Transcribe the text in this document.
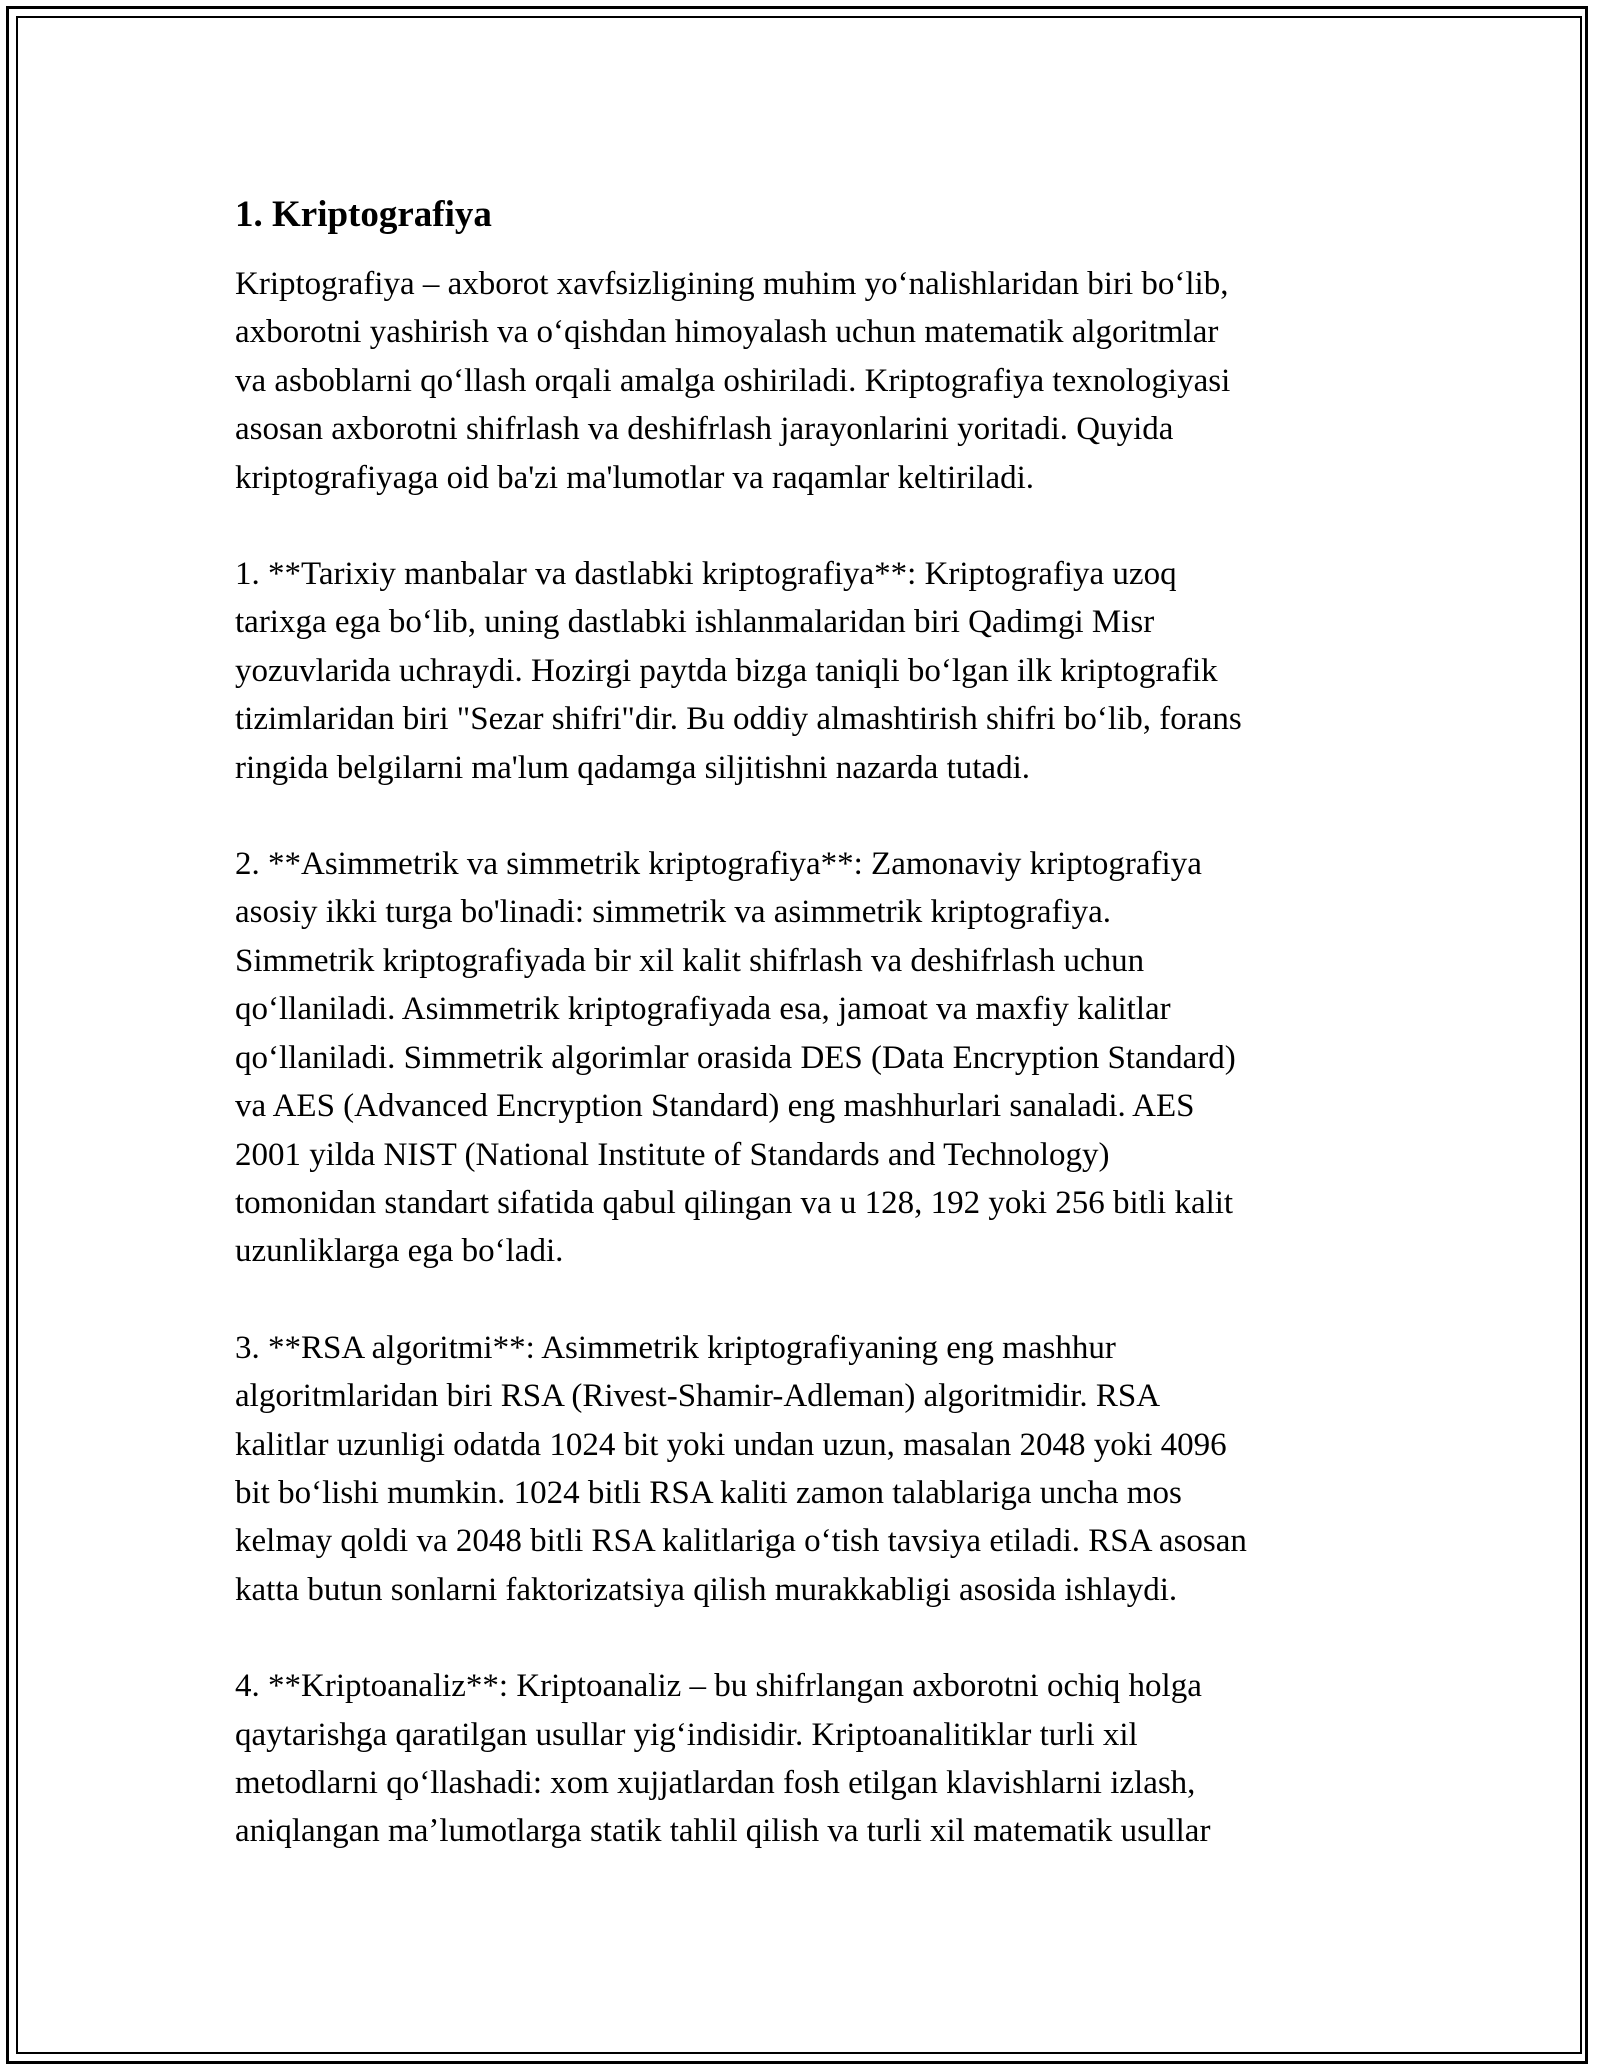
1. Kriptografiya
Kriptografiya – axborot xavfsizligining muhim yoʻnalishlaridan biri boʻlib,
axborotni yashirish va oʻqishdan himoyalash uchun matematik algoritmlar
va asboblarni qoʻllash orqali amalga oshiriladi. Kriptografiya texnologiyasi
asosan axborotni shifrlash va deshifrlash jarayonlarini yoritadi. Quyida
kriptografiyaga oid ba'zi ma'lumotlar va raqamlar keltiriladi.
1. **Tarixiy manbalar va dastlabki kriptografiya**: Kriptografiya uzoq
tarixga ega boʻlib, uning dastlabki ishlanmalaridan biri Qadimgi Misr
yozuvlarida uchraydi. Hozirgi paytda bizga taniqli boʻlgan ilk kriptografik
tizimlaridan biri "Sezar shifri"dir. Bu oddiy almashtirish shifri boʻlib, forans
ringida belgilarni ma'lum qadamga siljitishni nazarda tutadi.
2. **Asimmetrik va simmetrik kriptografiya**: Zamonaviy kriptografiya
asosiy ikki turga bo'linadi: simmetrik va asimmetrik kriptografiya.
Simmetrik kriptografiyada bir xil kalit shifrlash va deshifrlash uchun
qoʻllaniladi. Asimmetrik kriptografiyada esa, jamoat va maxfiy kalitlar
qoʻllaniladi. Simmetrik algorimlar orasida DES (Data Encryption Standard)
va AES (Advanced Encryption Standard) eng mashhurlari sanaladi. AES
2001 yilda NIST (National Institute of Standards and Technology)
tomonidan standart sifatida qabul qilingan va u 128, 192 yoki 256 bitli kalit
uzunliklarga ega boʻladi.
3. **RSA algoritmi**: Asimmetrik kriptografiyaning eng mashhur
algoritmlaridan biri RSA (Rivest-Shamir-Adleman) algoritmidir. RSA
kalitlar uzunligi odatda 1024 bit yoki undan uzun, masalan 2048 yoki 4096
bit boʻlishi mumkin. 1024 bitli RSA kaliti zamon talablariga uncha mos
kelmay qoldi va 2048 bitli RSA kalitlariga oʻtish tavsiya etiladi. RSA asosan
katta butun sonlarni faktorizatsiya qilish murakkabligi asosida ishlaydi.
4. **Kriptoanaliz**: Kriptoanaliz – bu shifrlangan axborotni ochiq holga
qaytarishga qaratilgan usullar yigʻindisidir. Kriptoanalitiklar turli xil
metodlarni qoʻllashadi: xom xujjatlardan fosh etilgan klavishlarni izlash,
aniqlangan maʼlumotlarga statik tahlil qilish va turli xil matematik usullar
